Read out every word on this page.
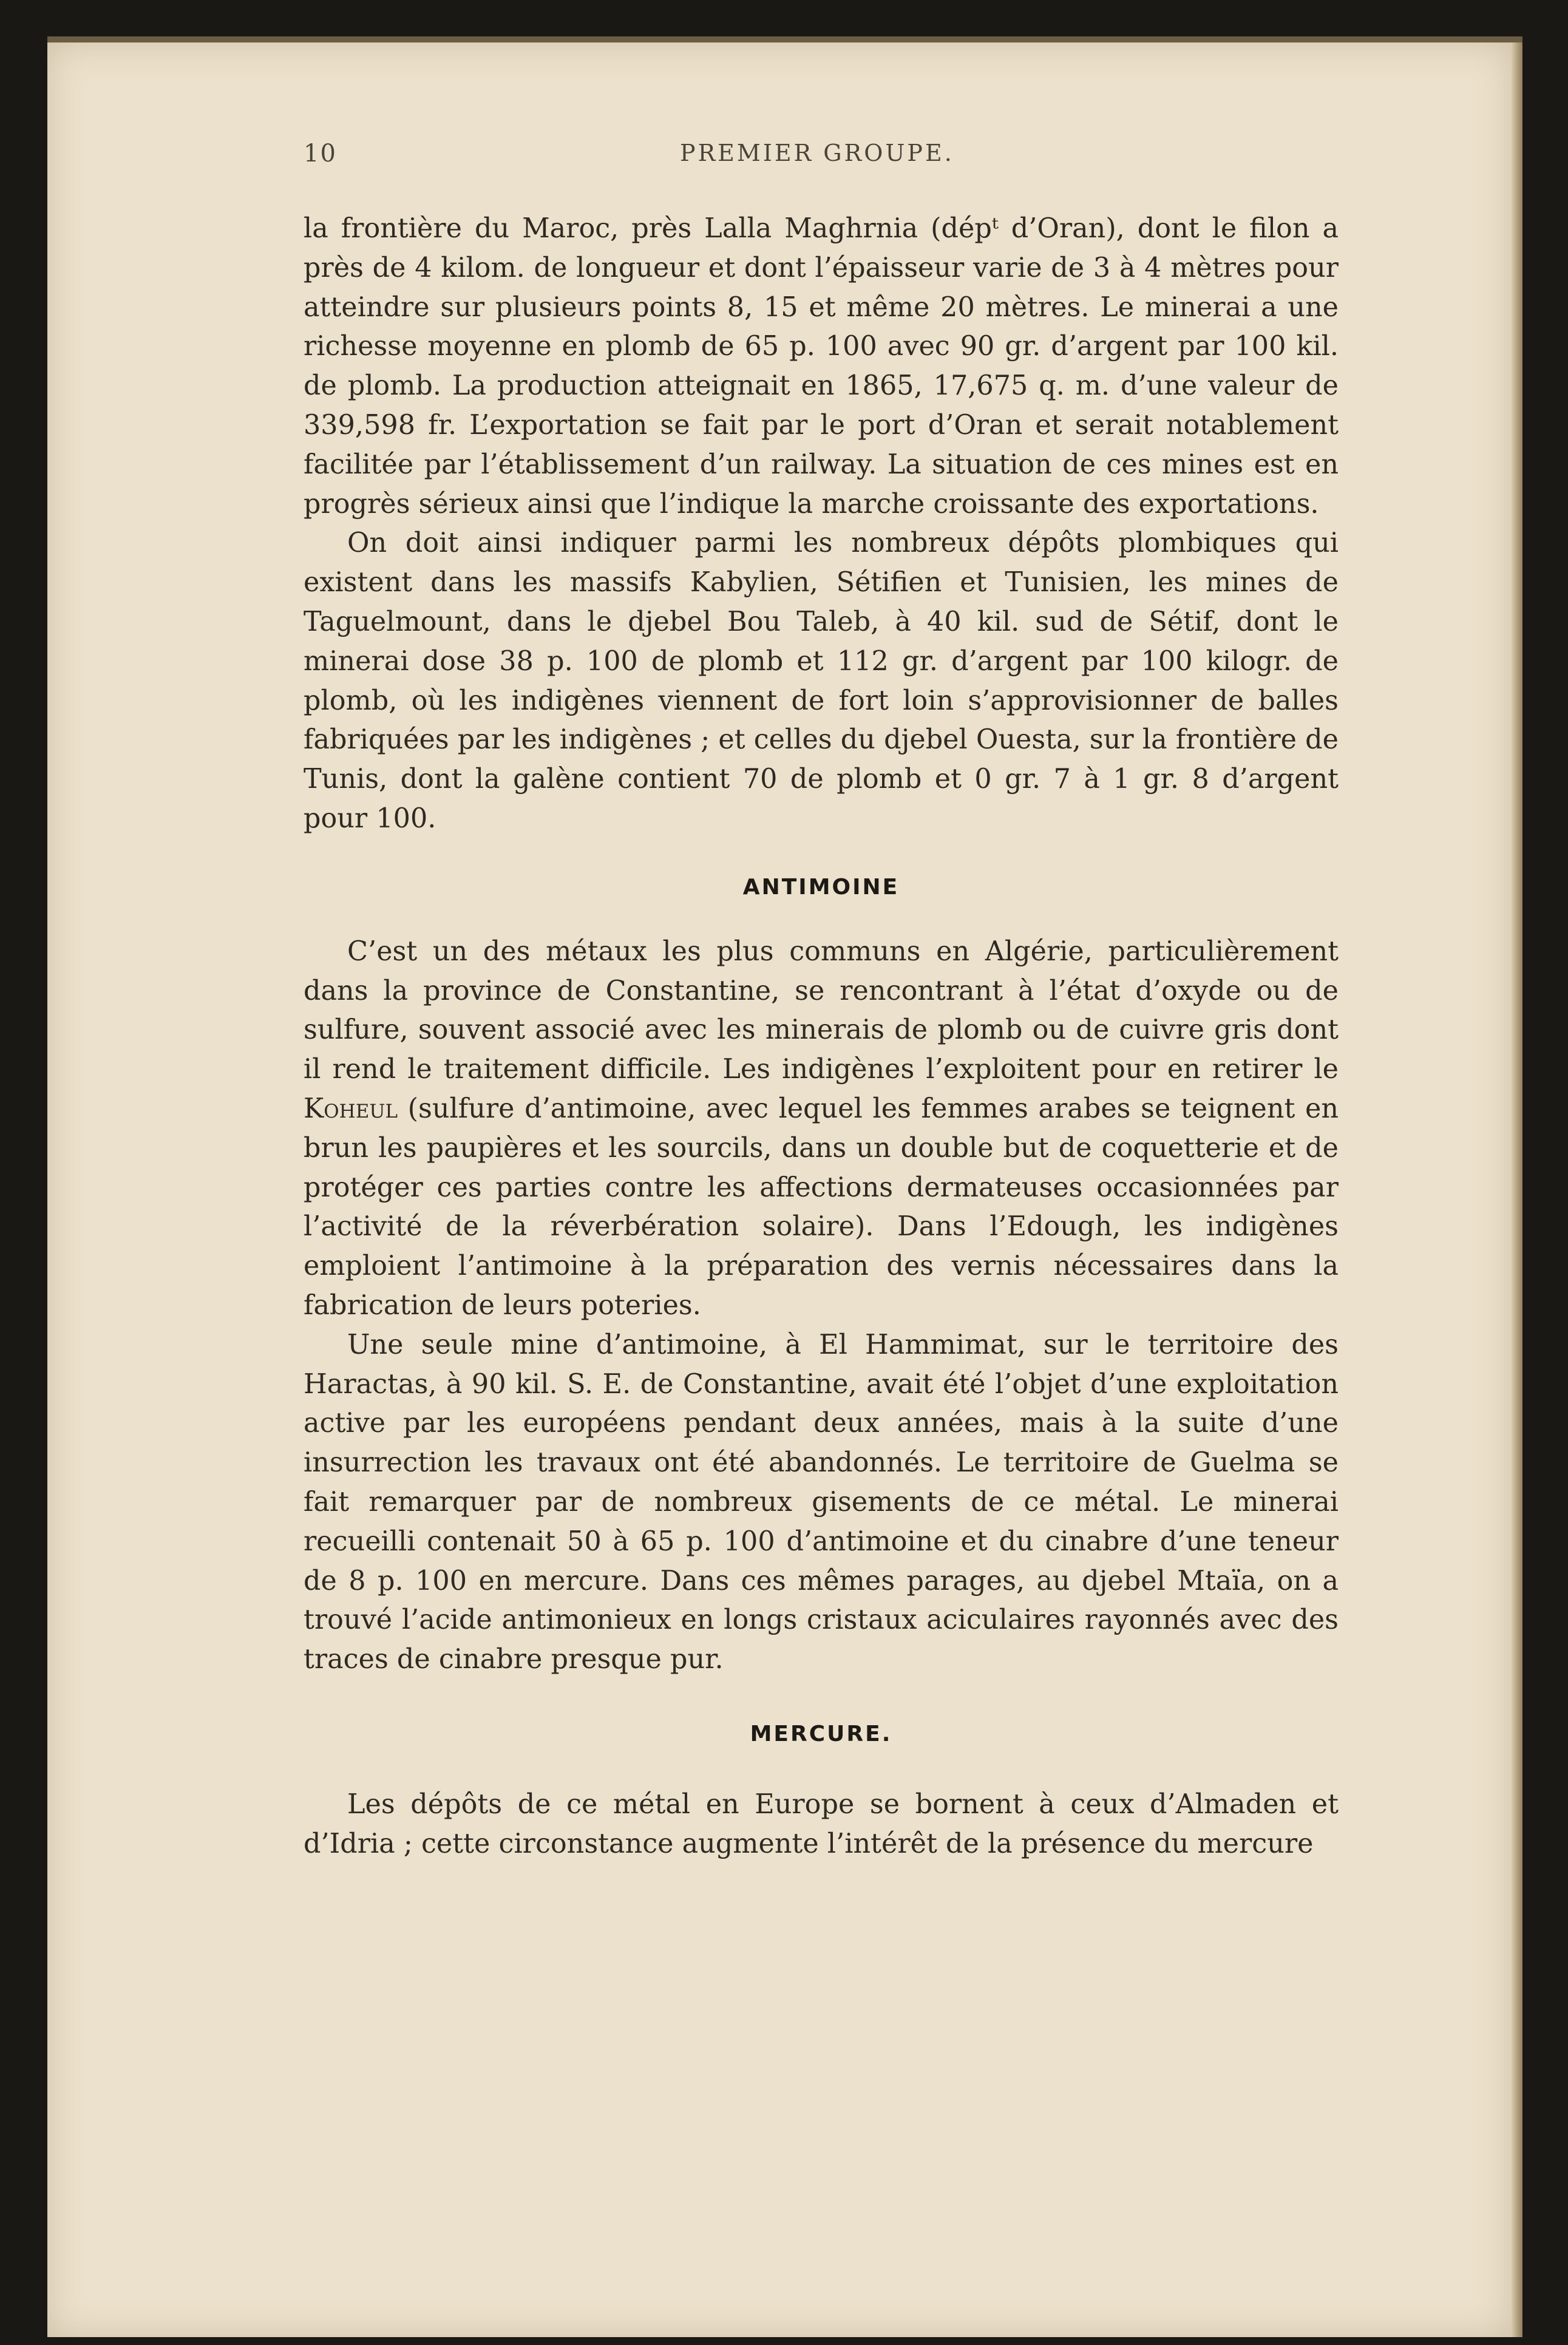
10	PREMIER GROUPE.

la frontière du Maroc, près Lalla Maghrnia (dépᵗ d’Oran), dont le filon a près de 4 kilom. de longueur et dont l’épaisseur varie de 3 à 4 mètres pour atteindre sur plusieurs points 8, 15 et même 20 mètres. Le minerai a une richesse moyenne en plomb de 65 p. 100 avec 90 gr. d’argent par 100 kil. de plomb. La production atteignait en 1865, 17,675 q. m. d’une valeur de 339,598 fr. L’exportation se fait par le port d’Oran et serait notablement facilitée par l’établissement d’un railway. La situation de ces mines est en progrès sérieux ainsi que l’indique la marche croissante des exportations.

On doit ainsi indiquer parmi les nombreux dépôts plombiques qui existent dans les massifs Kabylien, Sétifien et Tunisien, les mines de Taguelmount, dans le djebel Bou Taleb, à 40 kil. sud de Sétif, dont le minerai dose 38 p. 100 de plomb et 112 gr. d’argent par 100 kilogr. de plomb, où les indigènes viennent de fort loin s’approvisionner de balles fabriquées par les indigènes ; et celles du djebel Ouesta, sur la frontière de Tunis, dont la galène contient 70 de plomb et 0 gr. 7 à 1 gr. 8 d’argent pour 100.

ANTIMOINE

C’est un des métaux les plus communs en Algérie, particulièrement dans la province de Constantine, se rencontrant à l’état d’oxyde ou de sulfure, souvent associé avec les minerais de plomb ou de cuivre gris dont il rend le traitement difficile. Les indigènes l’exploitent pour en retirer le Koheul (sulfure d’antimoine, avec lequel les femmes arabes se teignent en brun les paupières et les sourcils, dans un double but de coquetterie et de protéger ces parties contre les affections dermateuses occasionnées par l’activité de la réverbération solaire). Dans l’Edough, les indigènes emploient l’antimoine à la préparation des vernis nécessaires dans la fabrication de leurs poteries.

Une seule mine d’antimoine, à El Hammimat, sur le territoire des Haractas, à 90 kil. S. E. de Constantine, avait été l’objet d’une exploitation active par les européens pendant deux années, mais à la suite d’une insurrection les travaux ont été abandonnés. Le territoire de Guelma se fait remarquer par de nombreux gisements de ce métal. Le minerai recueilli contenait 50 à 65 p. 100 d’antimoine et du cinabre d’une teneur de 8 p. 100 en mercure. Dans ces mêmes parages, au djebel Mtaïa, on a trouvé l’acide antimonieux en longs cristaux aciculaires rayonnés avec des traces de cinabre presque pur.

MERCURE.

Les dépôts de ce métal en Europe se bornent à ceux d’Almaden et d’Idria ; cette circonstance augmente l’intérêt de la présence du mercure
